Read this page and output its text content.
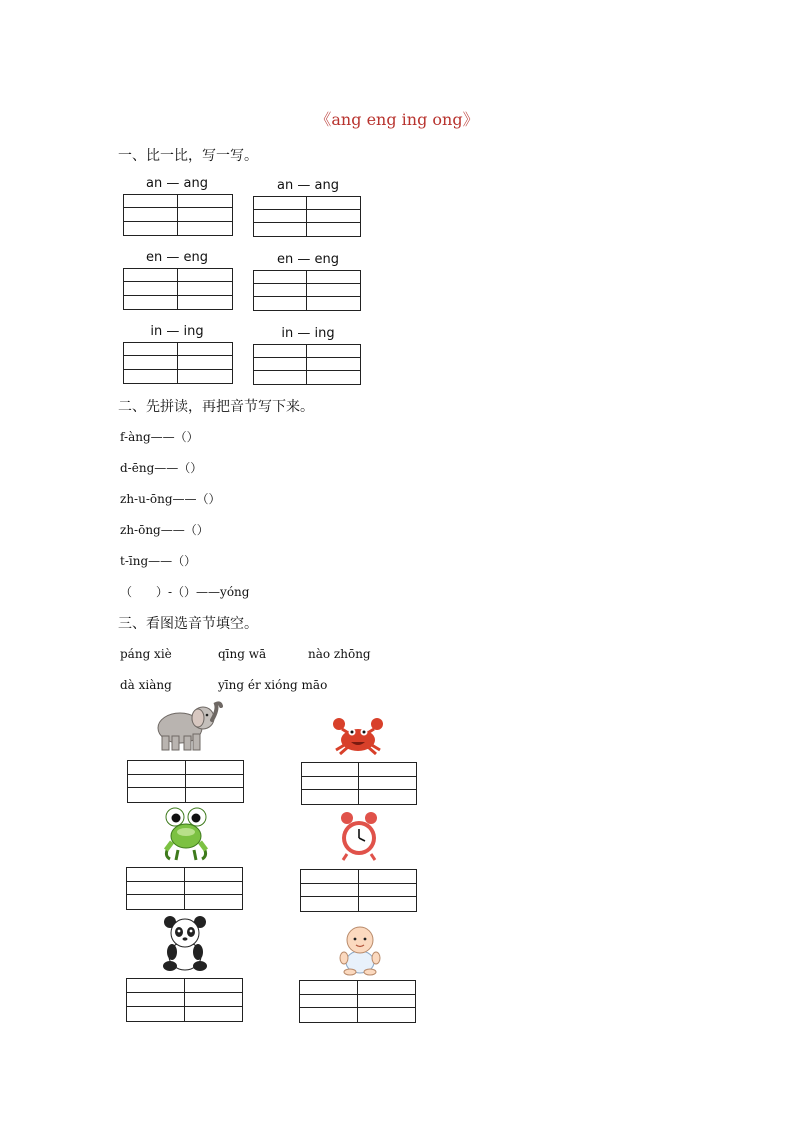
《ang eng ing ong》
一、比一比，写一写。
an — ang	an — ang
en — eng	en — eng
in — ing	in — ing
二、先拼读，再把音节写下来。
f-àng——（）
d-ēng——（）
zh-u-ōng——（）
zh-ōng——（）
t-īng——（）
（　　）-（）——yóng
三、看图选音节填空。
páng xiè	qīng wā	nào zhōng
dà xiàng	yīng ér xióng māo
